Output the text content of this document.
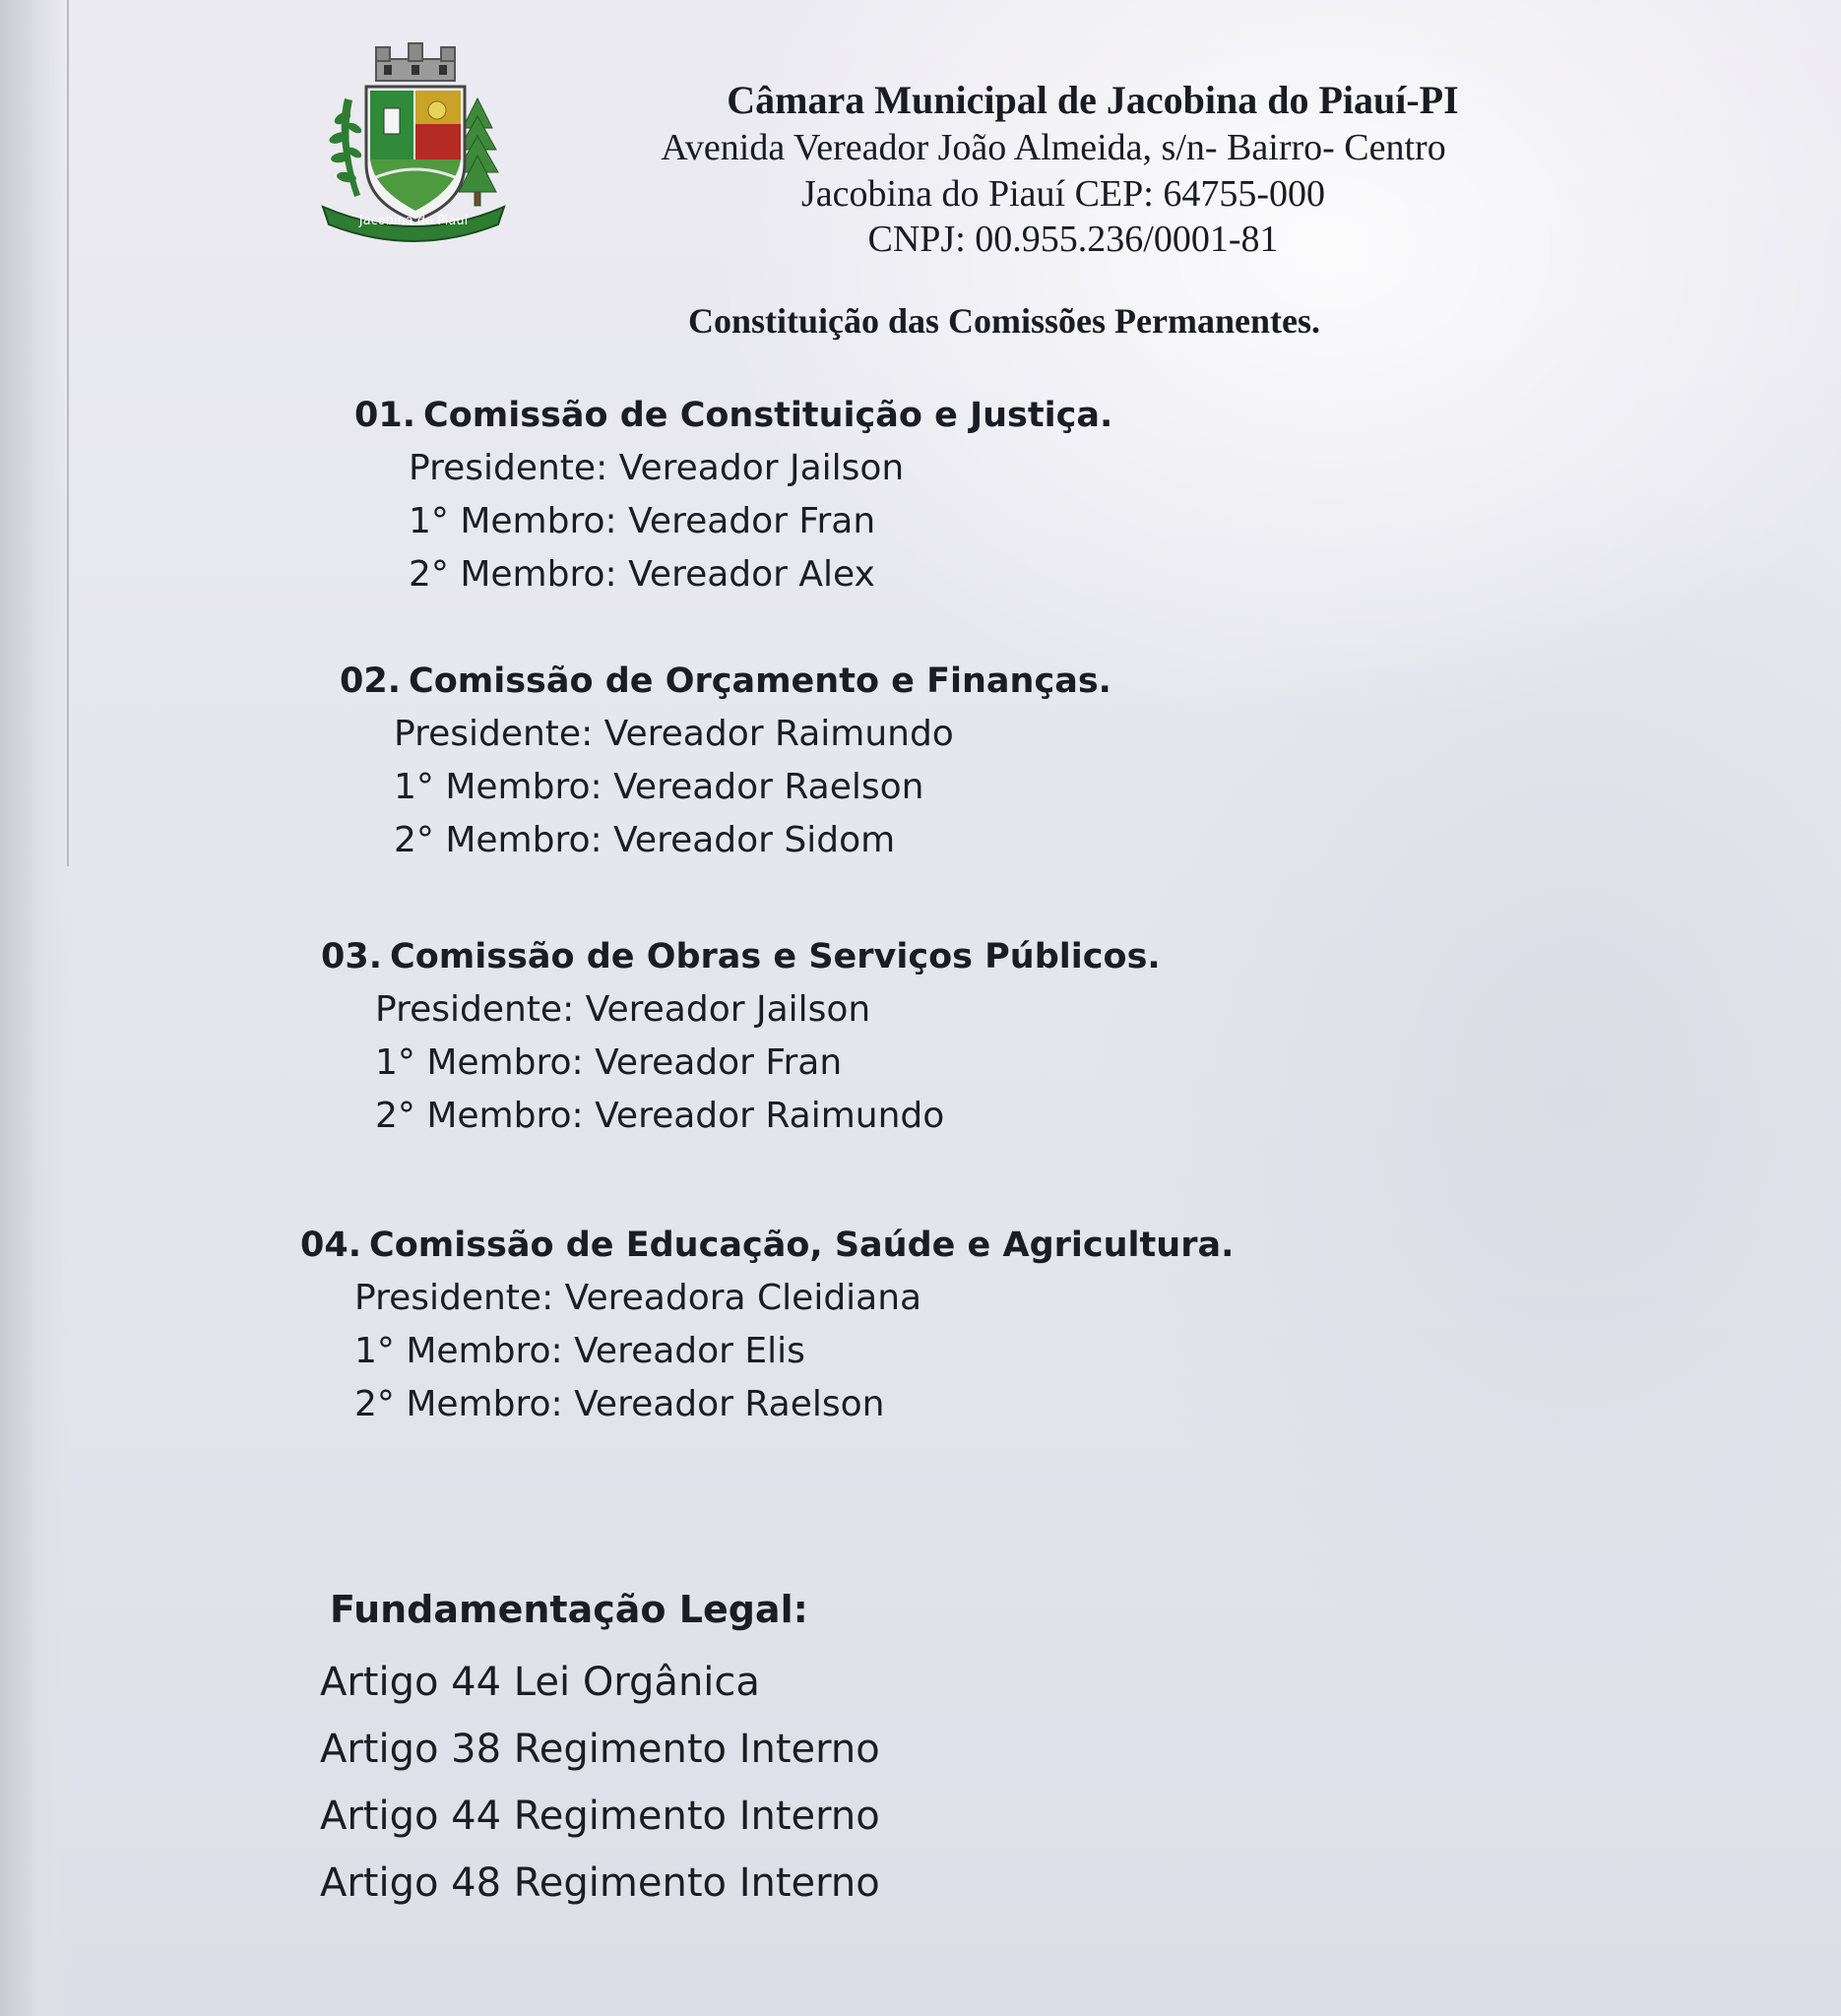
Jacobina do Piauí
Câmara Municipal de Jacobina do Piauí-PI
Avenida Vereador João Almeida, s/n- Bairro- Centro
Jacobina do Piauí CEP: 64755-000
CNPJ: 00.955.236/0001-81
Constituição das Comissões Permanentes.
01. Comissão de Constituição e Justiça.
Presidente: Vereador Jailson
1° Membro: Vereador Fran
2° Membro: Vereador Alex
02. Comissão de Orçamento e Finanças.
Presidente: Vereador Raimundo
1° Membro: Vereador Raelson
2° Membro: Vereador Sidom
03. Comissão de Obras e Serviços Públicos.
Presidente: Vereador Jailson
1° Membro: Vereador Fran
2° Membro: Vereador Raimundo
04. Comissão de Educação, Saúde e Agricultura.
Presidente: Vereadora Cleidiana
1° Membro: Vereador Elis
2° Membro: Vereador Raelson
Fundamentação Legal:
Artigo 44 Lei Orgânica
Artigo 38 Regimento Interno
Artigo 44 Regimento Interno
Artigo 48 Regimento Interno
